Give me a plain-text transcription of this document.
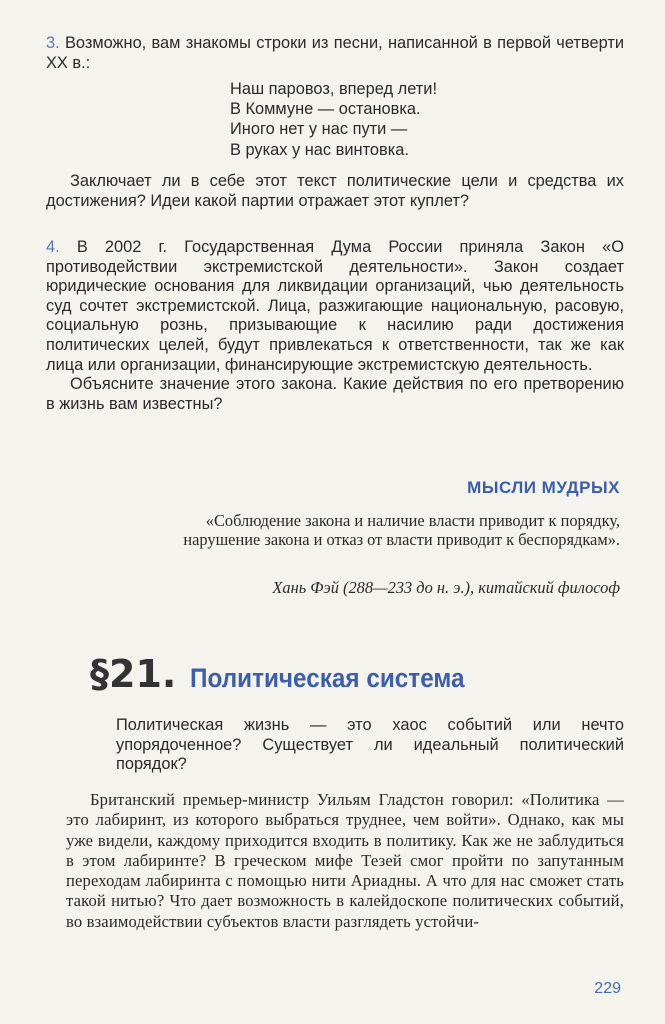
3. Возможно, вам знакомы строки из песни, написанной в первой четверти XX в.:

Наш паровоз, вперед лети!
В Коммуне — остановка.
Иного нет у нас пути —
В руках у нас винтовка.

Заключает ли в себе этот текст политические цели и средства их достижения? Идеи какой партии отражает этот куплет?

4. В 2002 г. Государственная Дума России приняла Закон «О противодействии экстремистской деятельности». Закон создает юридические основания для ликвидации организаций, чью деятельность суд сочтет экстремистской. Лица, разжигающие национальную, расовую, социальную рознь, призывающие к насилию ради достижения политических целей, будут привлекаться к ответственности, так же как лица или организации, финансирующие экстремистскую деятельность.

Объясните значение этого закона. Какие действия по его претворению в жизнь вам известны?

МЫСЛИ МУДРЫХ
«Соблюдение закона и наличие власти приводит к порядку, нарушение закона и отказ от власти приводит к беспорядкам».
Хань Фэй (288—233 до н. э.), китайский философ
§21. Политическая система
Политическая жизнь — это хаос событий или нечто упорядоченное? Существует ли идеальный политический порядок?
Британский премьер-министр Уильям Гладстон говорил: «Политика — это лабиринт, из которого выбраться труднее, чем войти». Однако, как мы уже видели, каждому приходится входить в политику. Как же не заблудиться в этом лабиринте? В греческом мифе Тезей смог пройти по запутанным переходам лабиринта с помощью нити Ариадны. А что для нас сможет стать такой нитью? Что дает возможность в калейдоскопе политических событий, во взаимодействии субъектов власти разглядеть устойчи-
229
